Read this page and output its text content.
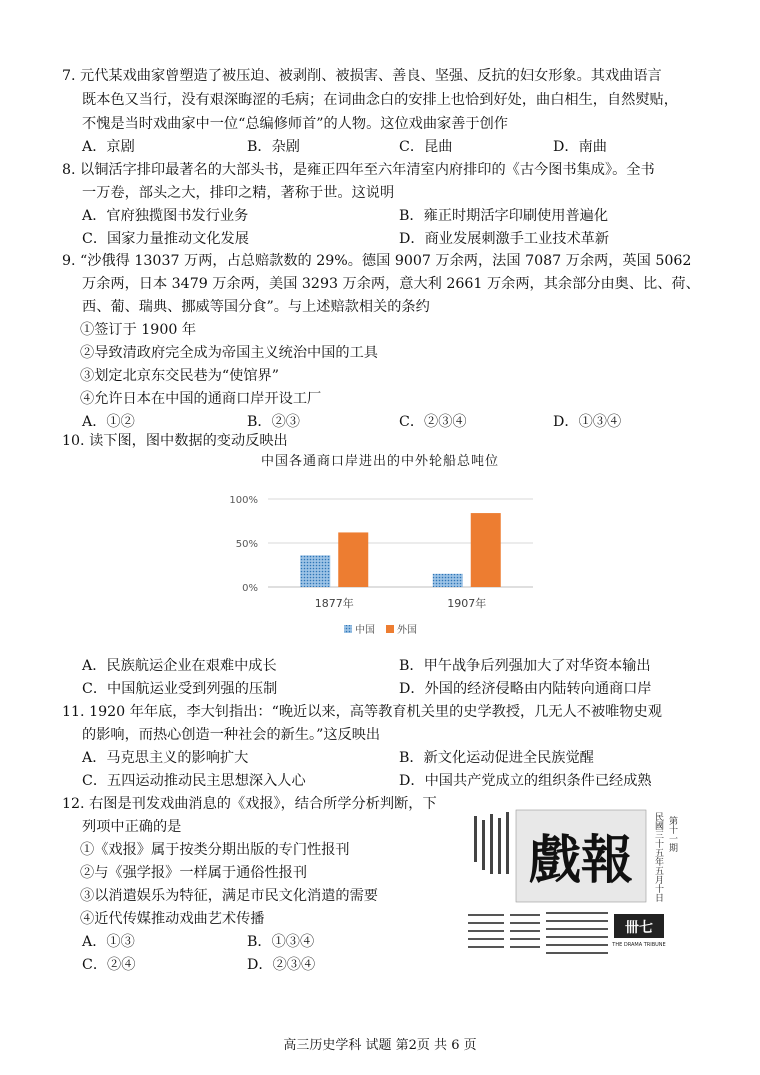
7. 元代某戏曲家曾塑造了被压迫、被剥削、被损害、善良、坚强、反抗的妇女形象。其戏曲语言
既本色又当行，没有艰深晦涩的毛病；在词曲念白的安排上也恰到好处，曲白相生，自然熨贴，
不愧是当时戏曲家中一位“总编修师首”的人物。这位戏曲家善于创作
A．京剧	B．杂剧	C．昆曲	D．南曲
8. 以铜活字排印最著名的大部头书，是雍正四年至六年清室内府排印的《古今图书集成》。全书
一万卷，部头之大，排印之精，著称于世。这说明
A．官府独揽图书发行业务	B．雍正时期活字印刷使用普遍化
C．国家力量推动文化发展	D．商业发展刺激手工业技术革新
9. “沙俄得 13037 万两，占总赔款数的 29%。德国 9007 万余两，法国 7087 万余两，英国 5062
万余两，日本 3479 万余两，美国 3293 万余两，意大利 2661 万余两，其余部分由奥、比、荷、
西、葡、瑞典、挪威等国分食”。与上述赔款相关的条约
①签订于 1900 年
②导致清政府完全成为帝国主义统治中国的工具
③划定北京东交民巷为“使馆界”
④允许日本在中国的通商口岸开设工厂
A．①②	B．②③	C．②③④	D．①③④
10. 读下图，图中数据的变动反映出
中国各通商口岸进出的中外轮船总吨位
0%
50%
100%
1877年	1907年
中国 外国
A．民族航运企业在艰难中成长	B．甲午战争后列强加大了对华资本输出
C．中国航运业受到列强的压制	D．外国的经济侵略由内陆转向通商口岸
11. 1920 年年底，李大钊指出：“晚近以来，高等教育机关里的史学教授，几无人不被唯物史观
的影响，而热心创造一种社会的新生。”这反映出
A．马克思主义的影响扩大	B．新文化运动促进全民族觉醒
C．五四运动推动民主思想深入人心	D．中国共产党成立的组织条件已经成熟
12. 右图是刊发戏曲消息的《戏报》，结合所学分析判断，下
列项中正确的是
①《戏报》属于按类分期出版的专门性报刊
②与《强学报》一样属于通俗性报刊
③以消遣娱乐为特征，满足市民文化消遣的需要
④近代传媒推动戏曲艺术传播
A．①③	B．①③④
C．②④	D．②③④
戲報 民國三十五年五月十日 第十一期
卌七
THE DRAMA TRIBUNE
高三历史学科 试题 第2页 共 6 页
